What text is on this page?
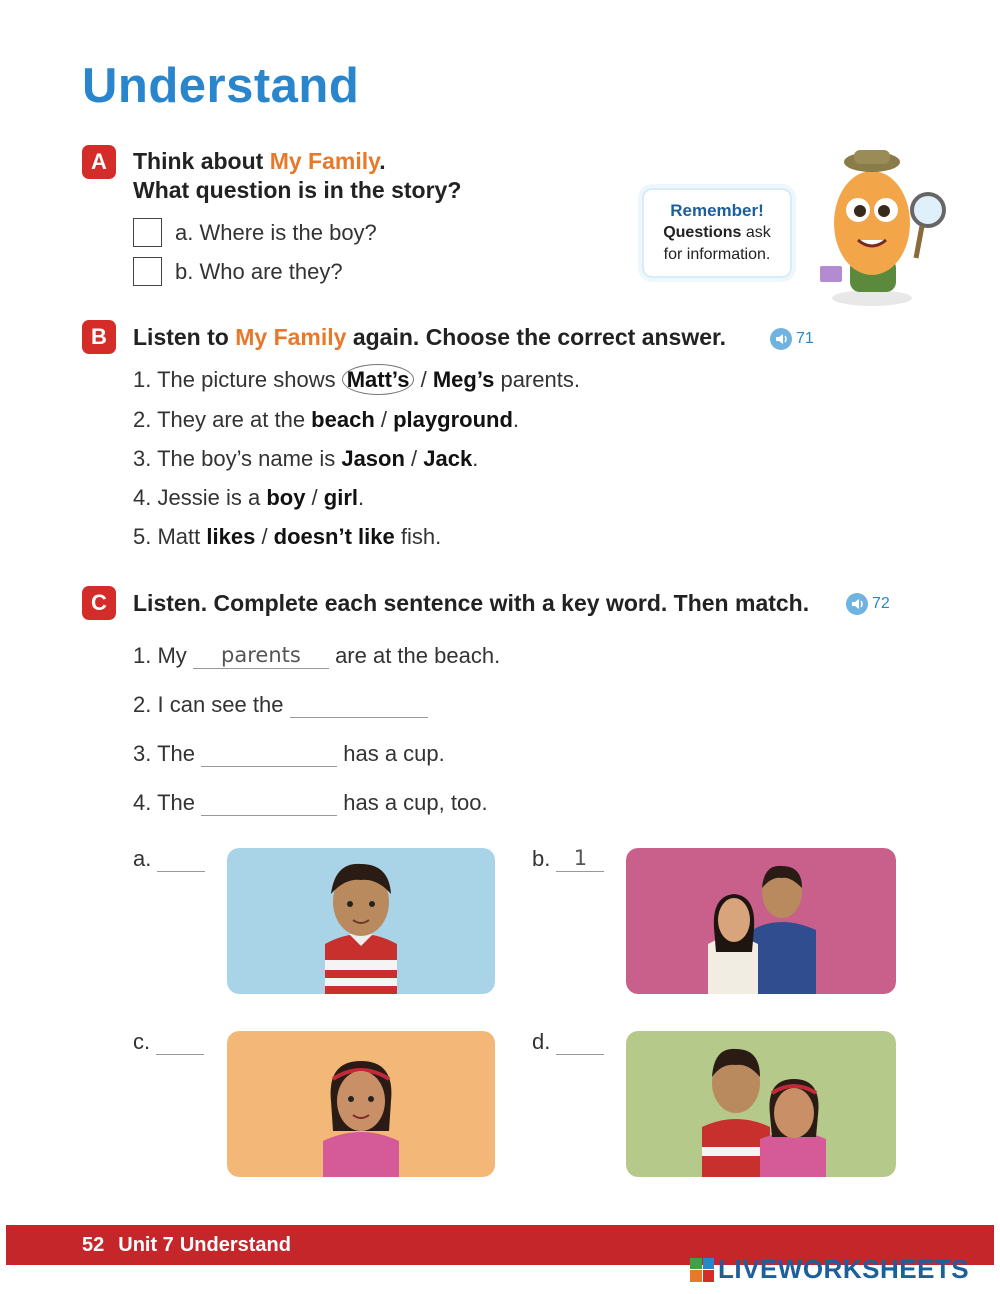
Understand
A	Think about My Family.
What question is in the story?
a. Where is the boy?
b. Who are they?
Remember!
Questions ask
for information.
B	Listen to My Family again. Choose the correct answer.	71
1. The picture shows Matt’s / Meg’s parents.
2. They are at the beach / playground.
3. The boy’s name is Jason / Jack.
4. Jessie is a boy / girl.
5. Matt likes / doesn’t like fish.
C	Listen. Complete each sentence with a key word. Then match.	72
1. My parents are at the beach.
2. I can see the
3. The	has a cup.
4. The	has a cup, too.
a.	b. 1
c.	d.
52 Unit 7 Understand
LIVEWORKSHEETS
